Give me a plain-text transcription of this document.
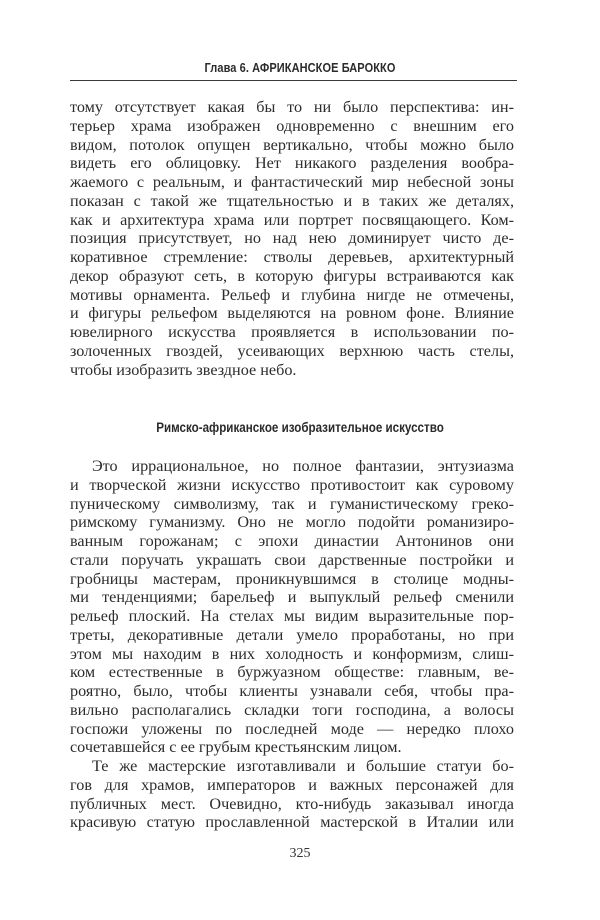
Глава 6. АФРИКАНСКОЕ БАРОККО
тому отсутствует какая бы то ни было перспектива: ин-
терьер храма изображен одновременно с внешним его
видом, потолок опущен вертикально, чтобы можно было
видеть его облицовку. Нет никакого разделения вообра-
жаемого с реальным, и фантастический мир небесной зоны
показан с такой же тщательностью и в таких же деталях,
как и архитектура храма или портрет посвящающего. Ком-
позиция присутствует, но над нею доминирует чисто де-
коративное стремление: стволы деревьев, архитектурный
декор образуют сеть, в которую фигуры встраиваются как
мотивы орнамента. Рельеф и глубина нигде не отмечены,
и фигуры рельефом выделяются на ровном фоне. Влияние
ювелирного искусства проявляется в использовании по-
золоченных гвоздей, усеивающих верхнюю часть стелы,
чтобы изобразить звездное небо.
Римско-африканское изобразительное искусство
Это иррациональное, но полное фантазии, энтузиазма
и творческой жизни искусство противостоит как суровому
пуническому символизму, так и гуманистическому греко-
римскому гуманизму. Оно не могло подойти романизиро-
ванным горожанам; с эпохи династии Антонинов они
стали поручать украшать свои дарственные постройки и
гробницы мастерам, проникнувшимся в столице модны-
ми тенденциями; барельеф и выпуклый рельеф сменили
рельеф плоский. На стелах мы видим выразительные пор-
треты, декоративные детали умело проработаны, но при
этом мы находим в них холодность и конформизм, слиш-
ком естественные в буржуазном обществе: главным, ве-
роятно, было, чтобы клиенты узнавали себя, чтобы пра-
вильно располагались складки тоги господина, а волосы
госпожи уложены по последней моде — нередко плохо
сочетавшейся с ее грубым крестьянским лицом.
Те же мастерские изготавливали и большие статуи бо-
гов для храмов, императоров и важных персонажей для
публичных мест. Очевидно, кто-нибудь заказывал иногда
красивую статую прославленной мастерской в Италии или
325
